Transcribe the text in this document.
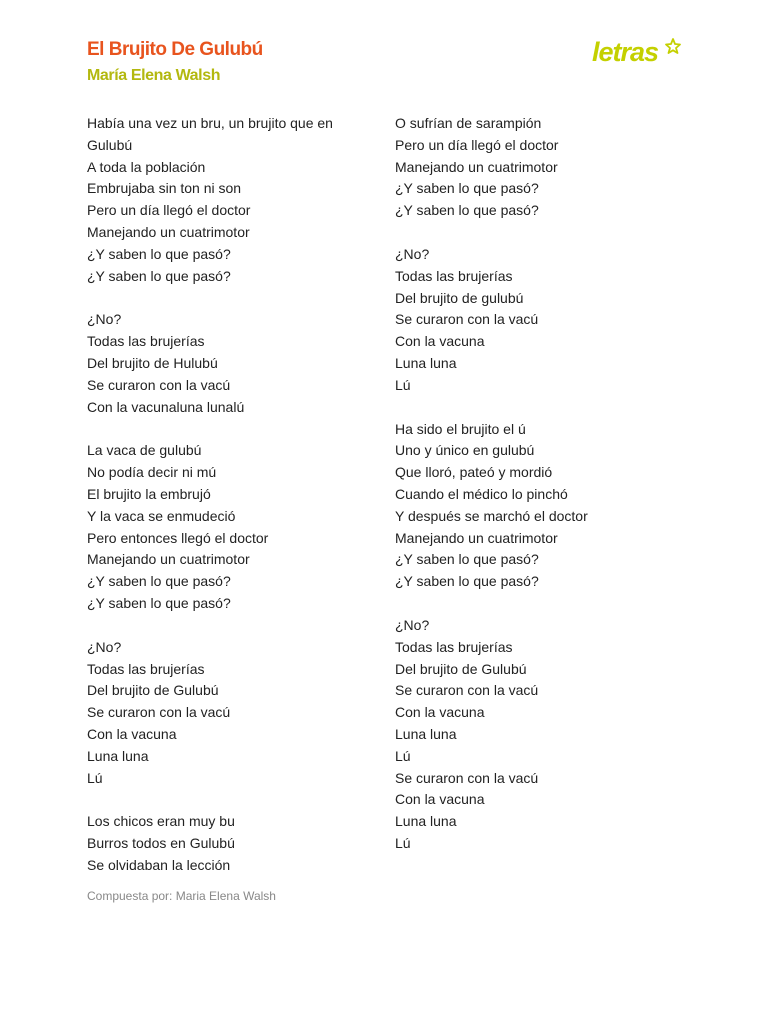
El Brujito De Gulubú
María Elena Walsh
letras
Había una vez un bru, un brujito que en
Gulubú
A toda la población
Embrujaba sin ton ni son
Pero un día llegó el doctor
Manejando un cuatrimotor
¿Y saben lo que pasó?
¿Y saben lo que pasó?
¿No?
Todas las brujerías
Del brujito de Hulubú
Se curaron con la vacú
Con la vacunaluna lunalú
La vaca de gulubú
No podía decir ni mú
El brujito la embrujó
Y la vaca se enmudeció
Pero entonces llegó el doctor
Manejando un cuatrimotor
¿Y saben lo que pasó?
¿Y saben lo que pasó?
¿No?
Todas las brujerías
Del brujito de Gulubú
Se curaron con la vacú
Con la vacuna
Luna luna
Lú
Los chicos eran muy bu
Burros todos en Gulubú
Se olvidaban la lección
O sufrían de sarampión
Pero un día llegó el doctor
Manejando un cuatrimotor
¿Y saben lo que pasó?
¿Y saben lo que pasó?
¿No?
Todas las brujerías
Del brujito de gulubú
Se curaron con la vacú
Con la vacuna
Luna luna
Lú
Ha sido el brujito el ú
Uno y único en gulubú
Que lloró, pateó y mordió
Cuando el médico lo pinchó
Y después se marchó el doctor
Manejando un cuatrimotor
¿Y saben lo que pasó?
¿Y saben lo que pasó?
¿No?
Todas las brujerías
Del brujito de Gulubú
Se curaron con la vacú
Con la vacuna
Luna luna
Lú
Se curaron con la vacú
Con la vacuna
Luna luna
Lú
Compuesta por: Maria Elena Walsh
